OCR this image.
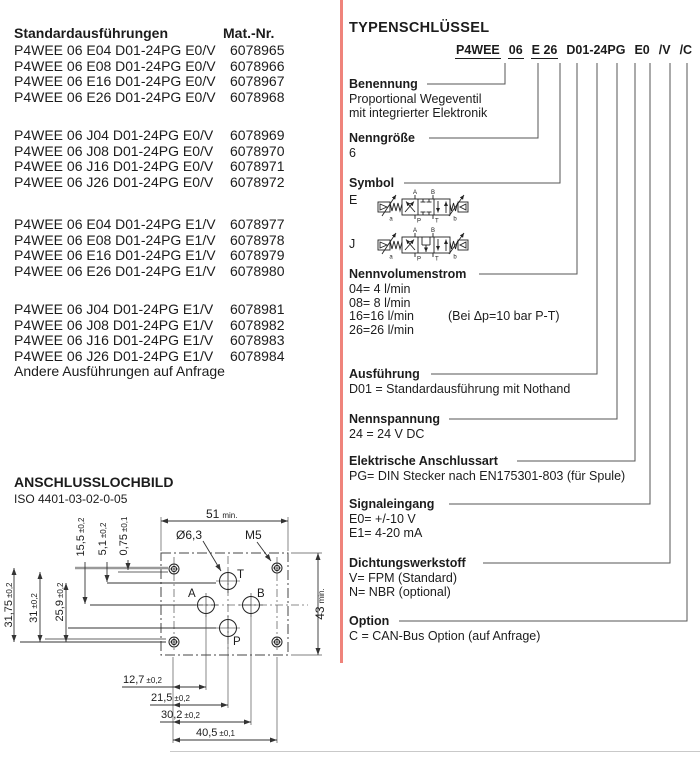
Standardausführungen	Mat.-Nr.
P4WEE 06 E04 D01-24PG E0/V 6078965
P4WEE 06 E08 D01-24PG E0/V 6078966
P4WEE 06 E16 D01-24PG E0/V 6078967
P4WEE 06 E26 D01-24PG E0/V 6078968
P4WEE 06 J04 D01-24PG E0/V 6078969
P4WEE 06 J08 D01-24PG E0/V 6078970
P4WEE 06 J16 D01-24PG E0/V 6078971
P4WEE 06 J26 D01-24PG E0/V 6078972
P4WEE 06 E04 D01-24PG E1/V 6078977
P4WEE 06 E08 D01-24PG E1/V 6078978
P4WEE 06 E16 D01-24PG E1/V 6078979
P4WEE 06 E26 D01-24PG E1/V 6078980
P4WEE 06 J04 D01-24PG E1/V 6078981
P4WEE 06 J08 D01-24PG E1/V 6078982
P4WEE 06 J16 D01-24PG E1/V 6078983
P4WEE 06 J26 D01-24PG E1/V 6078984
Andere Ausführungen auf Anfrage
TYPENSCHLÜSSEL
P4WEE 06 E 26 D01-24PG E0 /V /C
Benennung
Proportional Wegeventil
mit integrierter Elektronik
Nenngröße
6
Symbol
E
J
A B
P T
a	b
A B
P T
a	b
Nennvolumenstrom
04= 4 l/min
08= 8 l/min
16=16 l/min	(Bei Δp=10 bar P-T)
26=26 l/min
Ausführung
D01 = Standardausführung mit Nothand
Nennspannung
24 = 24 V DC
Elektrische Anschlussart
PG= DIN Stecker nach EN175301-803 (für Spule)
Signaleingang
E0= +/-10 V
E1= 4-20 mA
Dichtungswerkstoff
V= FPM (Standard)
N= NBR (optional)
Option
C = CAN-Bus Option (auf Anfrage)
ANSCHLUSSLOCHBILD
ISO 4401-03-02-0-05
31,75±0,2
31±0,2 25,9±0,2
15,5±0,2
5,1±0,2
0,75±0,1
51 min.
43min.
Ø6,3	M5
T
A	B
P
12,7 ±0,2
21,5 ±0,2
30,2 ±0,2
40,5 ±0,1
